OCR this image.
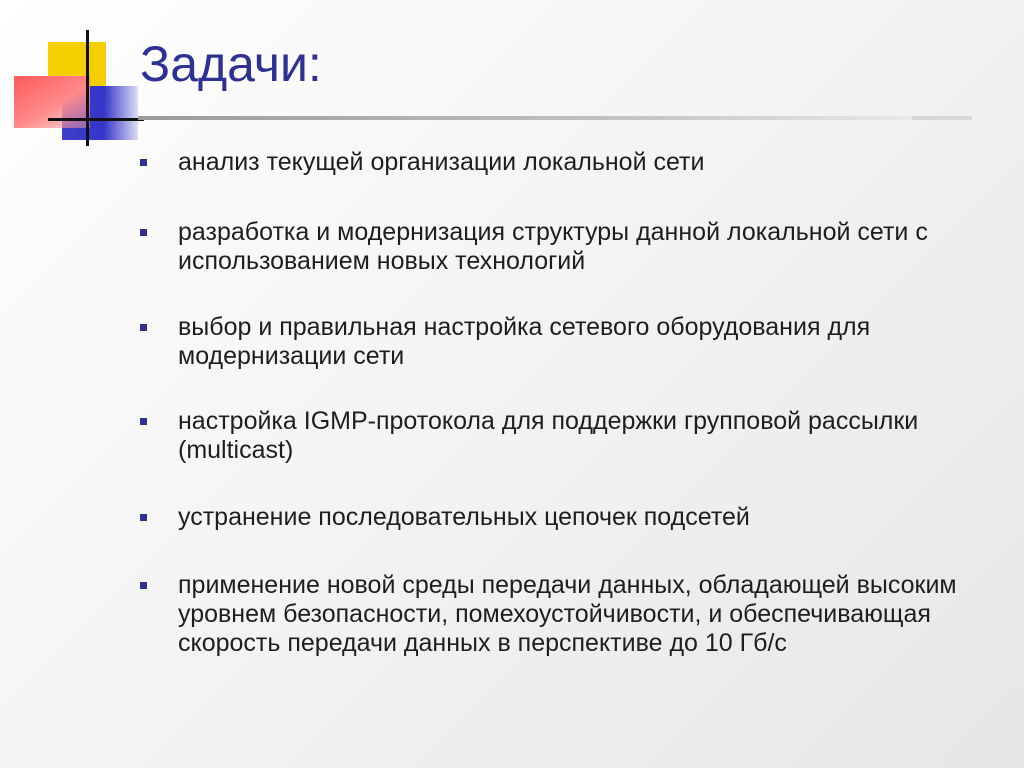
Задачи:
анализ текущей организации локальной сети
разработка и модернизация структуры данной локальной сети с использованием новых технологий
выбор и правильная настройка сетевого оборудования для модернизации сети
настройка IGMP-протокола для поддержки групповой рассылки (multicast)
устранение последовательных цепочек подсетей
применение новой среды передачи данных, обладающей высоким уровнем безопасности, помехоустойчивости, и обеспечивающая скорость передачи данных в перспективе до 10 Гб/с
